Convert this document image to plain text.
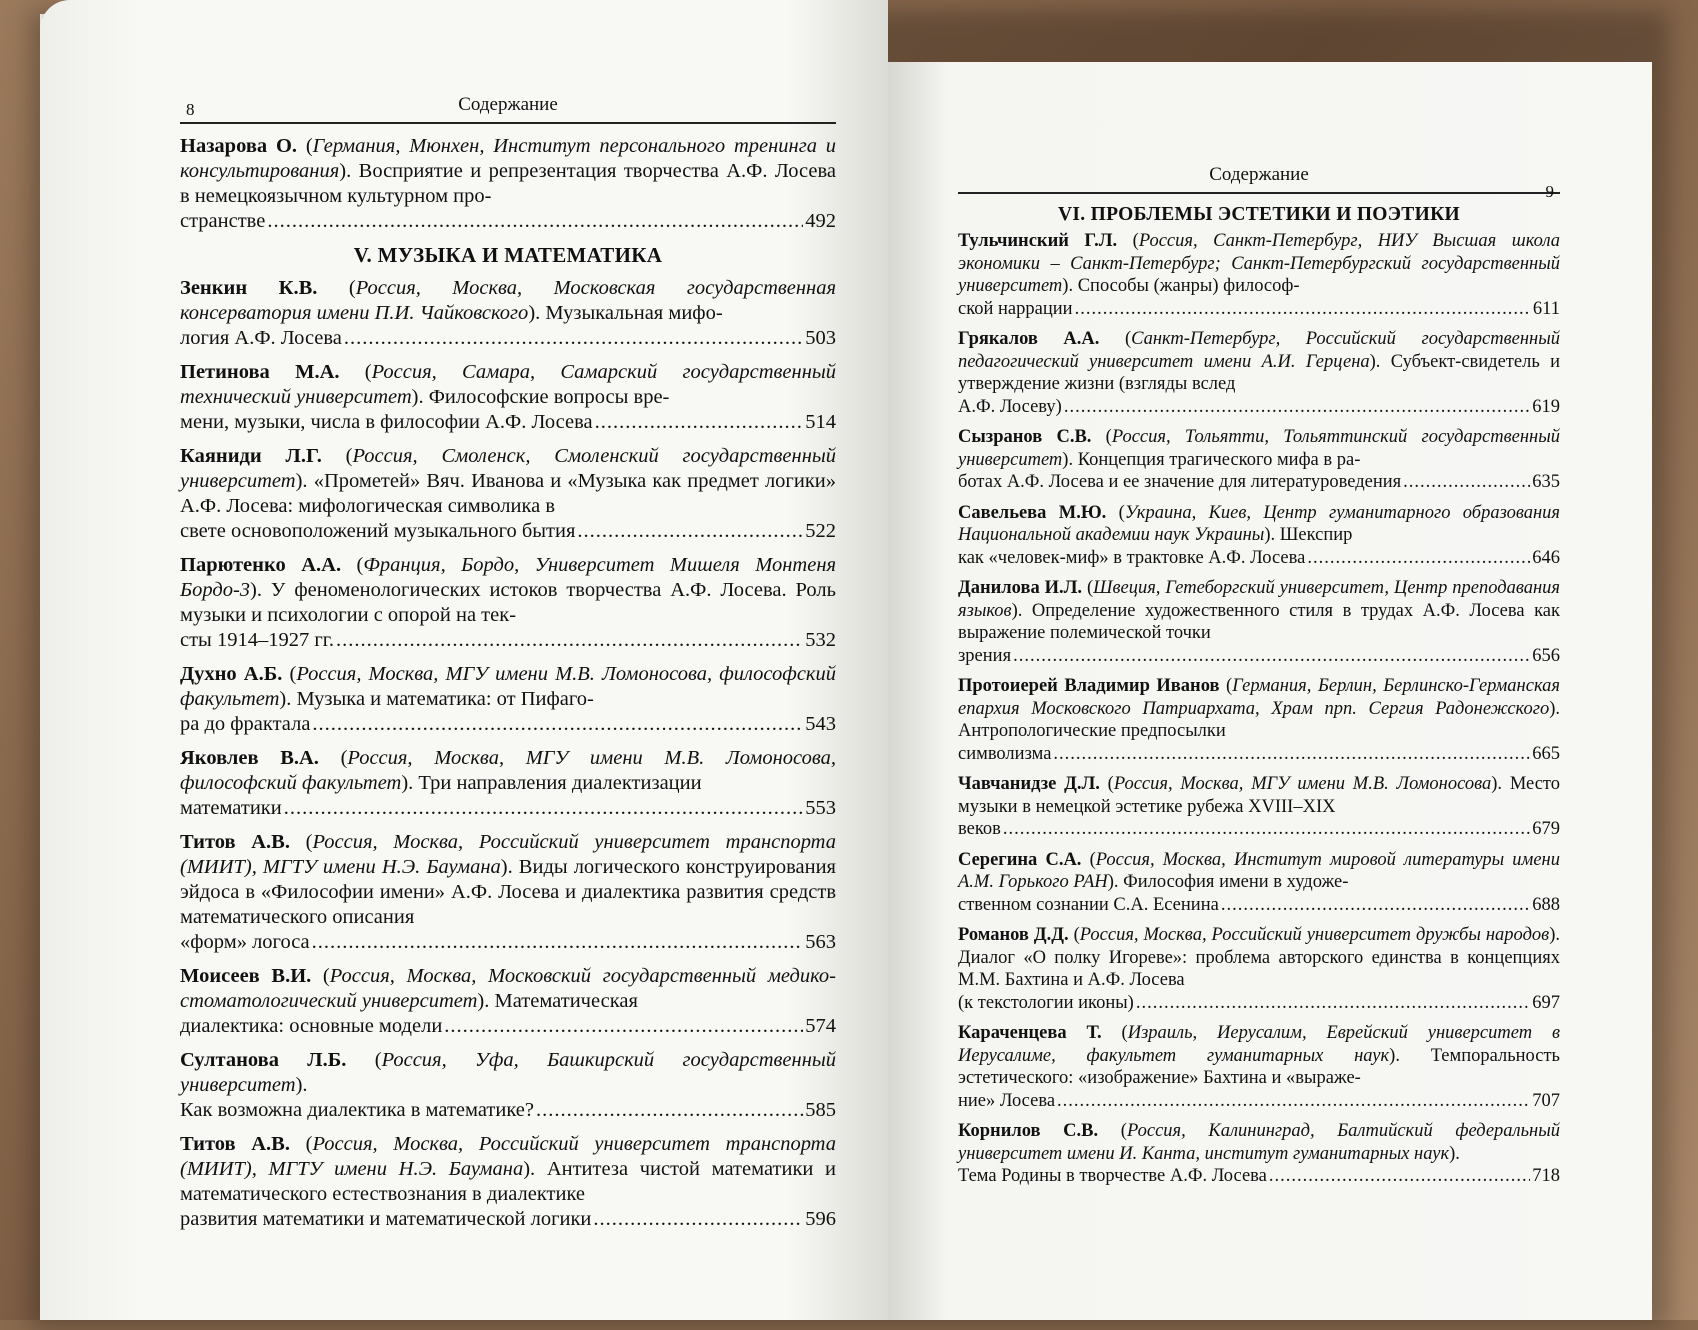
8	Содержание
Назарова О. (Германия, Мюнхен, Институт персонального тренинга и консультирования). Восприятие и репрезентация творчества А.Ф. Лосева в немецкоязычном культурном про-
странстве .....	492
V. МУЗЫКА И МАТЕМАТИКА
Зенкин К.В. (Россия, Москва, Московская государственная консерватория имени П.И. Чайковского). Музыкальная мифо-
логия А.Ф. Лосева .....	503
Петинова М.А. (Россия, Самара, Самарский государственный технический университет). Философские вопросы вре-
мени, музыки, числа в философии А.Ф. Лосева .....	514
Каяниди Л.Г. (Россия, Смоленск, Смоленский государственный университет). «Прометей» Вяч. Иванова и «Музыка как предмет логики» А.Ф. Лосева: мифологическая символика в
свете основоположений музыкального бытия .....	522
Парютенко А.А. (Франция, Бордо, Университет Мишеля Монтеня Бордо-3). У феноменологических истоков творчества А.Ф. Лосева. Роль музыки и психологии с опорой на тек-
сты 1914–1927 гг. .....	532
Духно А.Б. (Россия, Москва, МГУ имени М.В. Ломоносова, философский факультет). Музыка и математика: от Пифаго-
ра до фрактала .....	543
Яковлев В.А. (Россия, Москва, МГУ имени М.В. Ломоносова, философский факультет). Три направления диалектизации
математики .....	553
Титов А.В. (Россия, Москва, Российский университет транспорта (МИИТ), МГТУ имени Н.Э. Баумана). Виды логического конструирования эйдоса в «Философии имени» А.Ф. Лосева и диалектика развития средств математического описания
«форм» логоса .....	563
Моисеев В.И. (Россия, Москва, Московский государственный медико-стоматологический университет). Математическая
диалектика: основные модели .....	574
Султанова Л.Б. (Россия, Уфа, Башкирский государственный университет).
Как возможна диалектика в математике? .....	585
Титов А.В. (Россия, Москва, Российский университет транспорта (МИИТ), МГТУ имени Н.Э. Баумана). Антитеза чистой математики и математического естествознания в диалектике
развития математики и математической логики .....	596
Содержание
9
VI. ПРОБЛЕМЫ ЭСТЕТИКИ И ПОЭТИКИ
Тульчинский Г.Л. (Россия, Санкт-Петербург, НИУ Высшая школа экономики – Санкт-Петербург; Санкт-Петербургский государственный университет). Способы (жанры) философ-
ской наррации .....	611
Грякалов А.А. (Санкт-Петербург, Российский государственный педагогический университет имени А.И. Герцена). Субъект-свидетель и утверждение жизни (взгляды вслед
А.Ф. Лосеву) .....	619
Сызранов С.В. (Россия, Тольятти, Тольяттинский государственный университет). Концепция трагического мифа в ра-
ботах А.Ф. Лосева и ее значение для литературоведения .....	635
Савельева М.Ю. (Украина, Киев, Центр гуманитарного образования Национальной академии наук Украины). Шекспир
как «человек-миф» в трактовке А.Ф. Лосева .....	646
Данилова И.Л. (Швеция, Гетеборгский университет, Центр преподавания языков). Определение художественного стиля в трудах А.Ф. Лосева как выражение полемической точки
зрения .....	656
Протоиерей Владимир Иванов (Германия, Берлин, Берлинско-Германская епархия Московского Патриархата, Храм прп. Сергия Радонежского). Антропологические предпосылки
символизма .....	665
Чавчанидзе Д.Л. (Россия, Москва, МГУ имени М.В. Ломоносова). Место музыки в немецкой эстетике рубежа XVIII–XIX
веков .....	679
Серегина С.А. (Россия, Москва, Институт мировой литературы имени А.М. Горького РАН). Философия имени в художе-
ственном сознании С.А. Есенина .....	688
Романов Д.Д. (Россия, Москва, Российский университет дружбы народов). Диалог «О полку Игореве»: проблема авторского единства в концепциях М.М. Бахтина и А.Ф. Лосева
(к текстологии иконы) .....	697
Караченцева Т. (Израиль, Иерусалим, Еврейский университет в Иерусалиме, факультет гуманитарных наук). Темпоральность эстетического: «изображение» Бахтина и «выраже-
ние» Лосева .....	707
Корнилов С.В. (Россия, Калининград, Балтийский федеральный университет имени И. Канта, институт гуманитарных наук).
Тема Родины в творчестве А.Ф. Лосева .....	718
